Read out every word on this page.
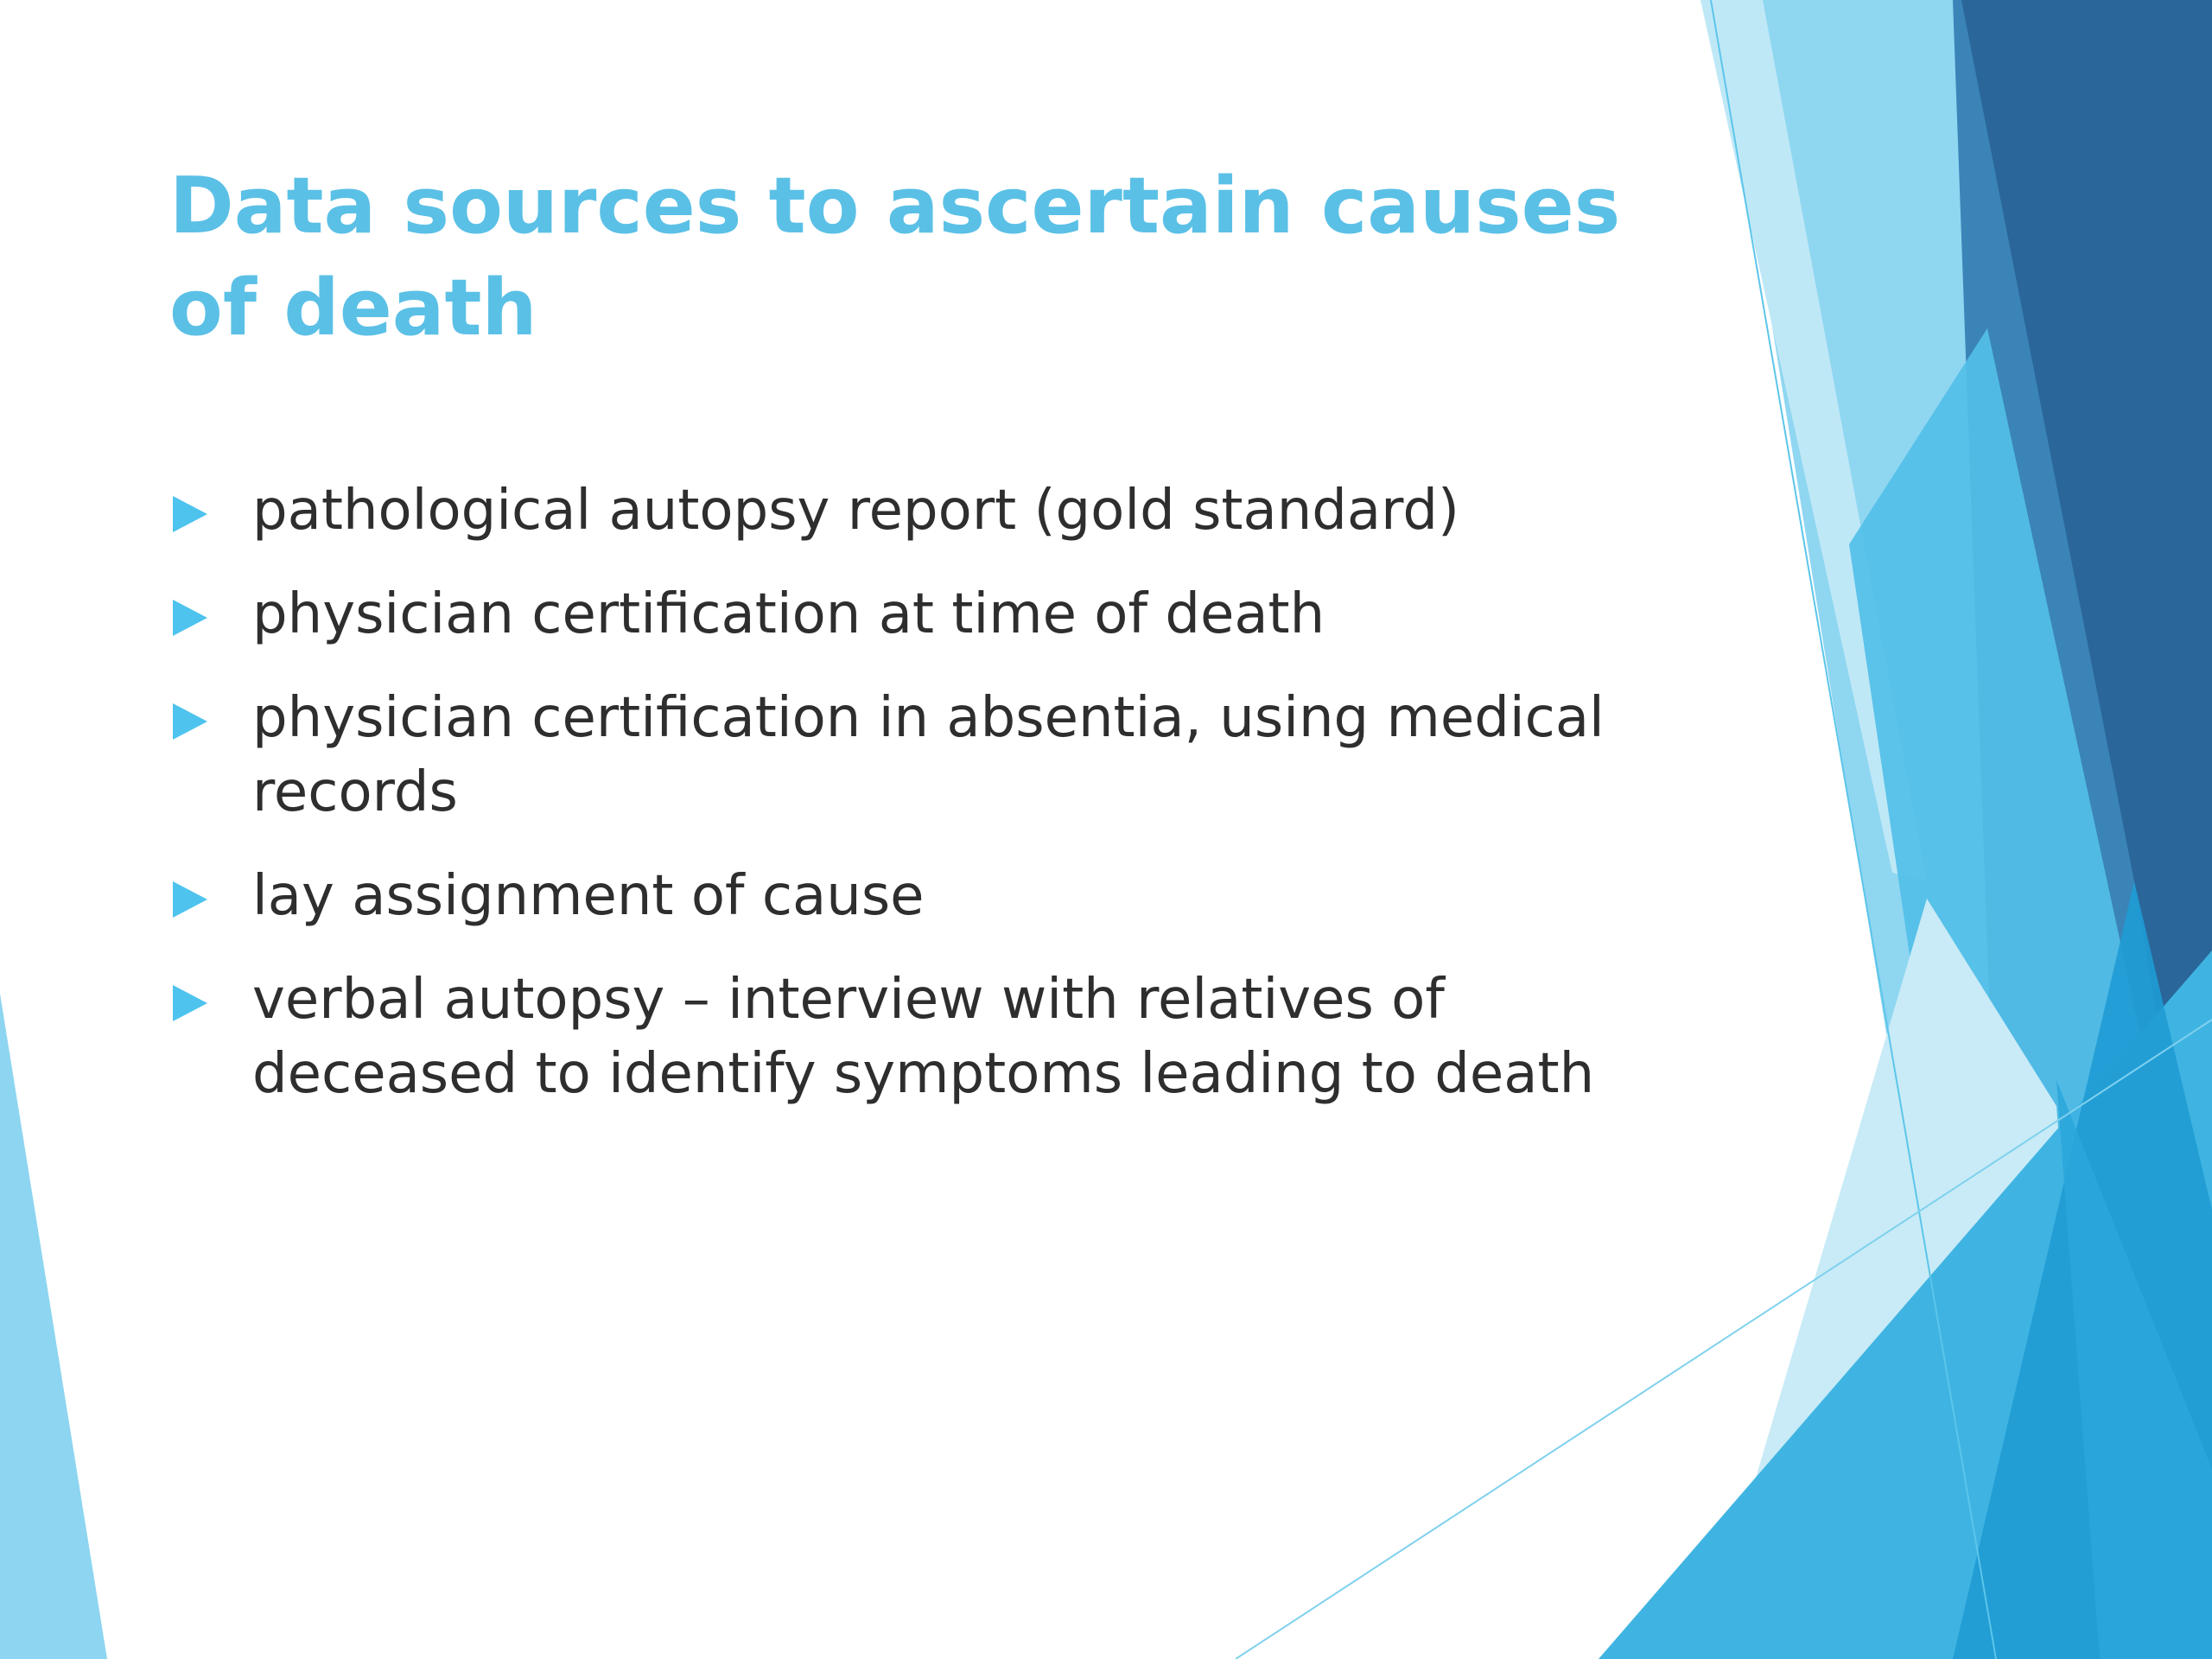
Data sources to ascertain causes of death
pathological autopsy report (gold standard)
physician certification at time of death
physician certification in absentia, using medical records
lay assignment of cause
verbal autopsy – interview with relatives of deceased to identify symptoms leading to death
